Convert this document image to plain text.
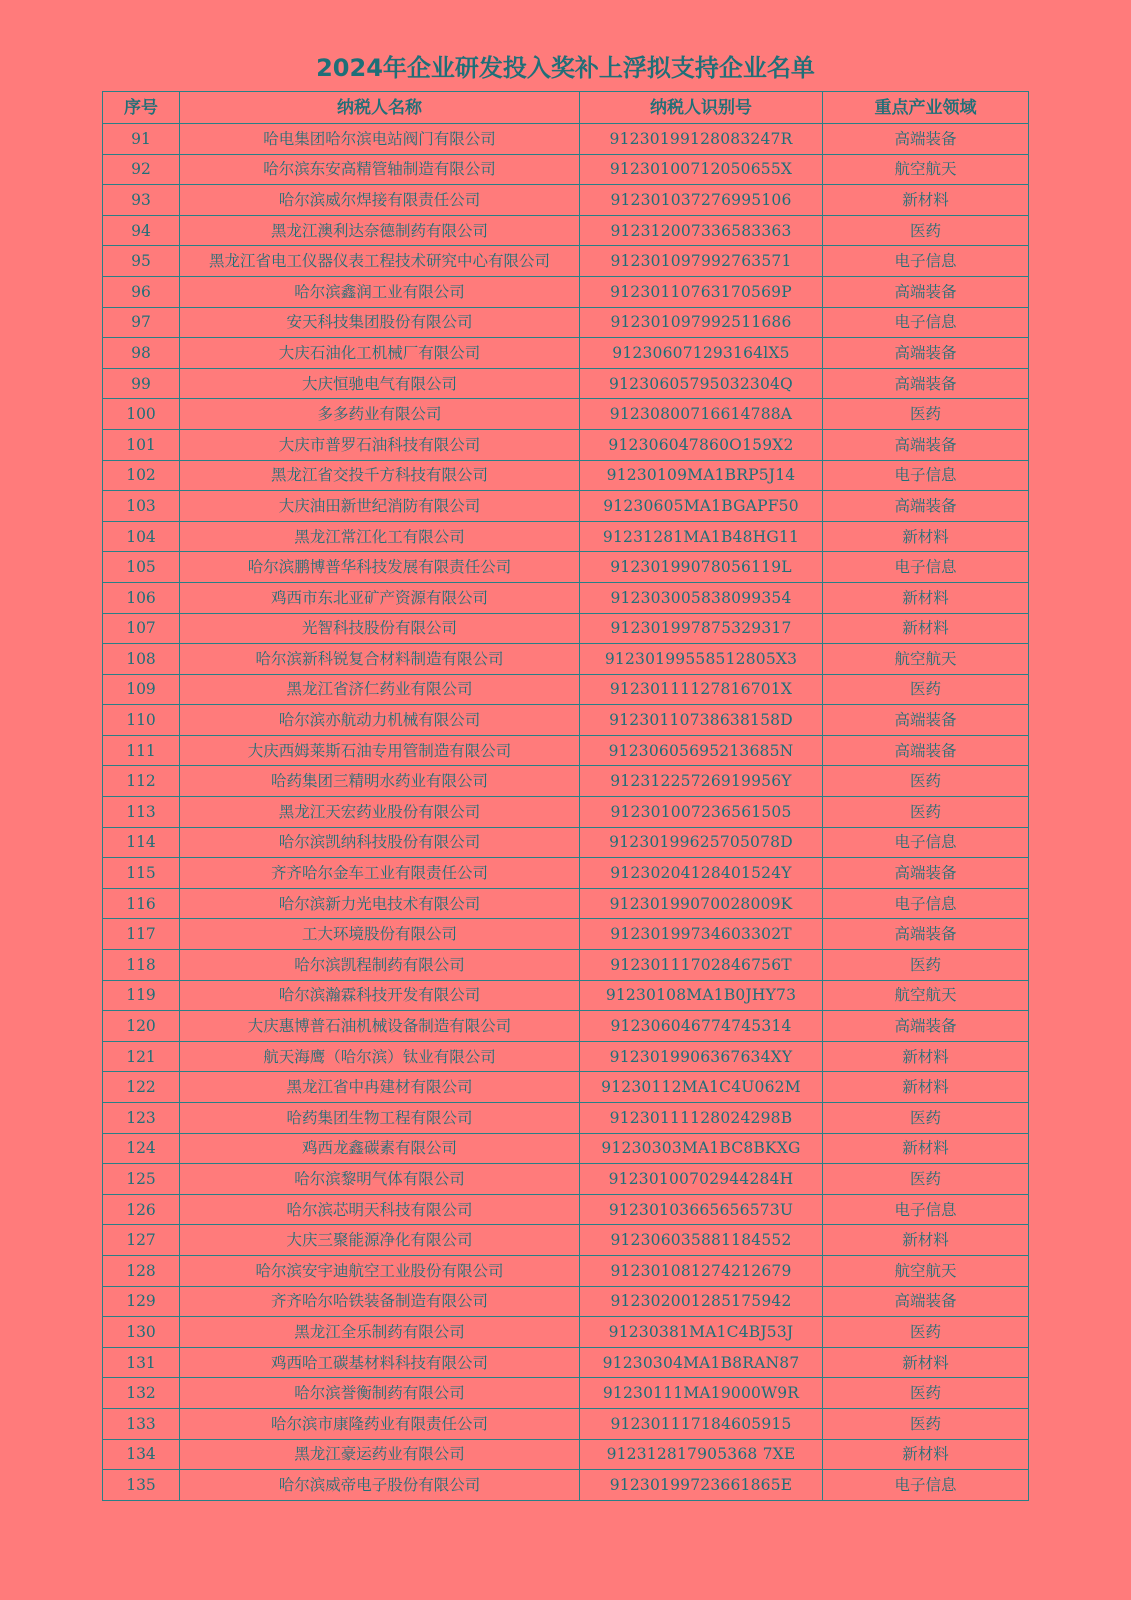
2024年企业研发投入奖补上浮拟支持企业名单
序号	纳税人名称	纳税人识别号	重点产业领域
91	哈电集团哈尔滨电站阀门有限公司	91230199128083247R	高端装备
92	哈尔滨东安高精管轴制造有限公司	91230100712050655X	航空航天
93	哈尔滨威尔焊接有限责任公司	912301037276995106	新材料
94	黑龙江澳利达奈德制药有限公司	912312007336583363	医药
95	黑龙江省电工仪器仪表工程技术研究中心有限公司	912301097992763571	电子信息
96	哈尔滨鑫润工业有限公司	91230110763170569P	高端装备
97	安天科技集团股份有限公司	912301097992511686	电子信息
98	大庆石油化工机械厂有限公司	912306071293164lX5	高端装备
99	大庆恒驰电气有限公司	91230605795032304Q	高端装备
100	多多药业有限公司	91230800716614788A	医药
101	大庆市普罗石油科技有限公司	912306047860O159X2	高端装备
102	黑龙江省交投千方科技有限公司	91230109MA1BRP5J14	电子信息
103	大庆油田新世纪消防有限公司	91230605MA1BGAPF50	高端装备
104	黑龙江常江化工有限公司	91231281MA1B48HG11	新材料
105	哈尔滨鹏博普华科技发展有限责任公司	91230199078056119L	电子信息
106	鸡西市东北亚矿产资源有限公司	912303005838099354	新材料
107	光智科技股份有限公司	912301997875329317	新材料
108	哈尔滨新科锐复合材料制造有限公司	91230199558512805X3	航空航天
109	黑龙江省济仁药业有限公司	91230111127816701X	医药
110	哈尔滨亦航动力机械有限公司	91230110738638158D	高端装备
111	大庆西姆莱斯石油专用管制造有限公司	91230605695213685N	高端装备
112	哈药集团三精明水药业有限公司	91231225726919956Y	医药
113	黑龙江天宏药业股份有限公司	912301007236561505	医药
114	哈尔滨凯纳科技股份有限公司	91230199625705078D	电子信息
115	齐齐哈尔金车工业有限责任公司	91230204128401524Y	高端装备
116	哈尔滨新力光电技术有限公司	91230199070028009K	电子信息
117	工大环境股份有限公司	91230199734603302T	高端装备
118	哈尔滨凯程制药有限公司	91230111702846756T	医药
119	哈尔滨瀚霖科技开发有限公司	91230108MA1B0JHY73	航空航天
120	大庆惠博普石油机械设备制造有限公司	912306046774745314	高端装备
121	航天海鹰（哈尔滨）钛业有限公司	9123019906367634XY	新材料
122	黑龙江省中冉建材有限公司	91230112MA1C4U062M	新材料
123	哈药集团生物工程有限公司	91230111128024298B	医药
124	鸡西龙鑫碳素有限公司	91230303MA1BC8BKXG	新材料
125	哈尔滨黎明气体有限公司	91230100702944284H	医药
126	哈尔滨芯明天科技有限公司	91230103665656573U	电子信息
127	大庆三聚能源净化有限公司	912306035881184552	新材料
128	哈尔滨安宇迪航空工业股份有限公司	912301081274212679	航空航天
129	齐齐哈尔哈铁装备制造有限公司	912302001285175942	高端装备
130	黑龙江全乐制药有限公司	91230381MA1C4BJ53J	医药
131	鸡西哈工碳基材料科技有限公司	91230304MA1B8RAN87	新材料
132	哈尔滨誉衡制药有限公司	91230111MA19000W9R	医药
133	哈尔滨市康隆药业有限责任公司	912301117184605915	医药
134	黑龙江豪运药业有限公司	912312817905368 7XE	新材料
135	哈尔滨威帝电子股份有限公司	91230199723661865E	电子信息
